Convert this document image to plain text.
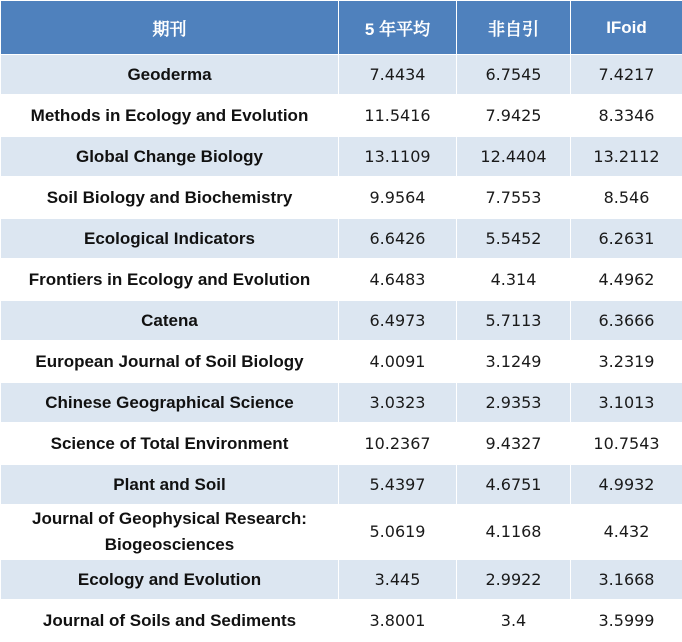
期刊	5 年平均	非自引	IFoid
Geoderma	7.4434	6.7545	7.4217
Methods in Ecology and Evolution	11.5416	7.9425	8.3346
Global Change Biology	13.1109	12.4404	13.2112
Soil Biology and Biochemistry	9.9564	7.7553	8.546
Ecological Indicators	6.6426	5.5452	6.2631
Frontiers in Ecology and Evolution	4.6483	4.314	4.4962
Catena	6.4973	5.7113	6.3666
European Journal of Soil Biology	4.0091	3.1249	3.2319
Chinese Geographical Science	3.0323	2.9353	3.1013
Science of Total Environment	10.2367	9.4327	10.7543
Plant and Soil	5.4397	4.6751	4.9932
Journal of Geophysical Research: Biogeosciences	5.0619	4.1168	4.432
Ecology and Evolution	3.445	2.9922	3.1668
Journal of Soils and Sediments	3.8001	3.4	3.5999
